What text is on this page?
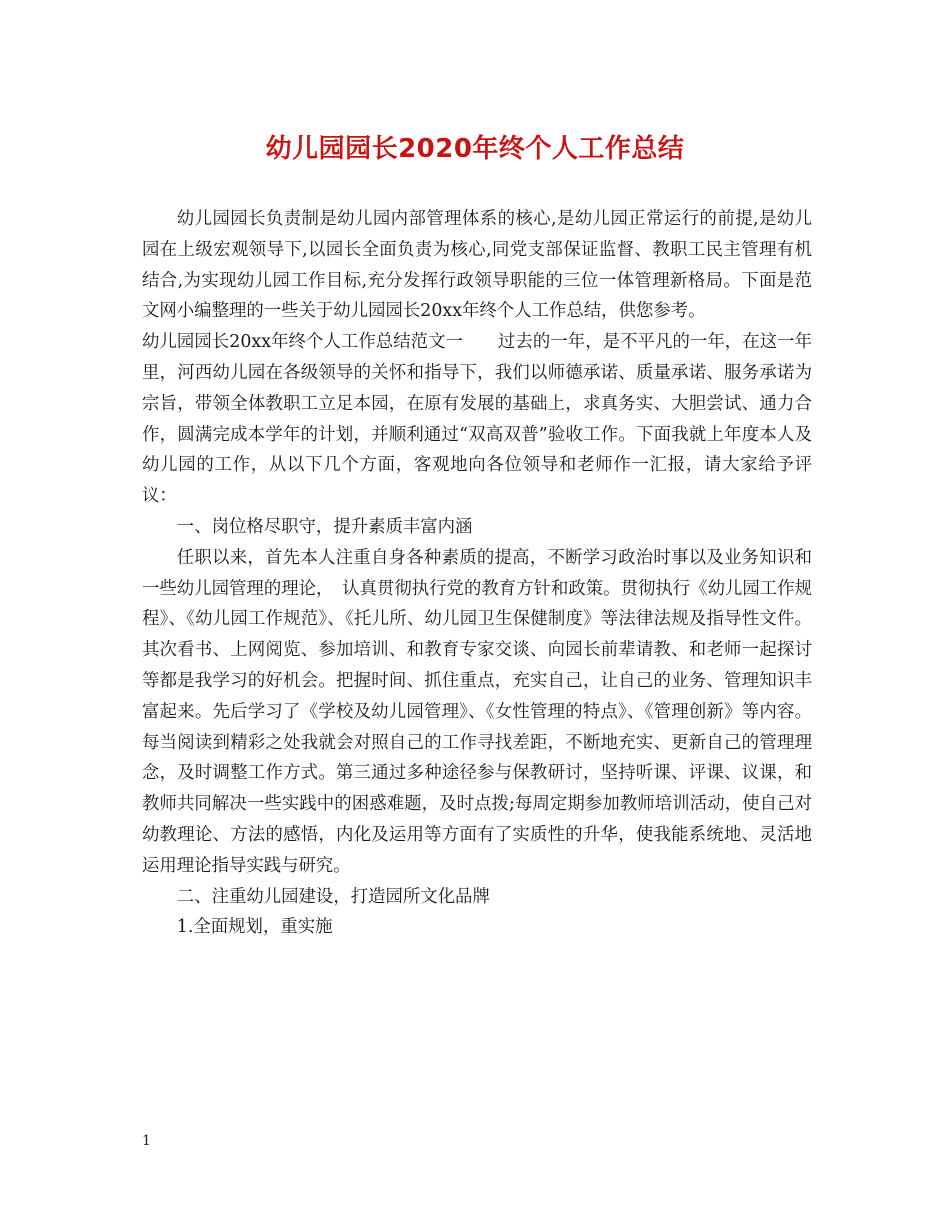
幼儿园园长2020年终个人工作总结

幼儿园园长负责制是幼儿园内部管理体系的核心,是幼儿园正常运行的前提,是幼儿园在上级宏观领导下,以园长全面负责为核心,同党支部保证监督、教职工民主管理有机结合,为实现幼儿园工作目标,充分发挥行政领导职能的三位一体管理新格局。下面是范文网小编整理的一些关于幼儿园园长20xx年终个人工作总结，供您参考。

幼儿园园长20xx年终个人工作总结范文一　　过去的一年，是不平凡的一年，在这一年里，河西幼儿园在各级领导的关怀和指导下，我们以师德承诺、质量承诺、服务承诺为宗旨，带领全体教职工立足本园，在原有发展的基础上，求真务实、大胆尝试、通力合作，圆满完成本学年的计划，并顺利通过“双高双普”验收工作。下面我就上年度本人及幼儿园的工作，从以下几个方面，客观地向各位领导和老师作一汇报，请大家给予评议：

一、岗位格尽职守，提升素质丰富内涵

任职以来，首先本人注重自身各种素质的提高，不断学习政治时事以及业务知识和一些幼儿园管理的理论，　认真贯彻执行党的教育方针和政策。贯彻执行《幼儿园工作规程》、《幼儿园工作规范》、《托儿所、幼儿园卫生保健制度》等法律法规及指导性文件。其次看书、上网阅览、参加培训、和教育专家交谈、向园长前辈请教、和老师一起探讨等都是我学习的好机会。把握时间、抓住重点，充实自己，让自己的业务、管理知识丰富起来。先后学习了《学校及幼儿园管理》、《女性管理的特点》、《管理创新》等内容。每当阅读到精彩之处我就会对照自己的工作寻找差距，不断地充实、更新自己的管理理念，及时调整工作方式。第三通过多种途径参与保教研讨，坚持听课、评课、议课，和教师共同解决一些实践中的困惑难题，及时点拨;每周定期参加教师培训活动，使自己对幼教理论、方法的感悟，内化及运用等方面有了实质性的升华，使我能系统地、灵活地运用理论指导实践与研究。

二、注重幼儿园建设，打造园所文化品牌

1.全面规划，重实施

1
